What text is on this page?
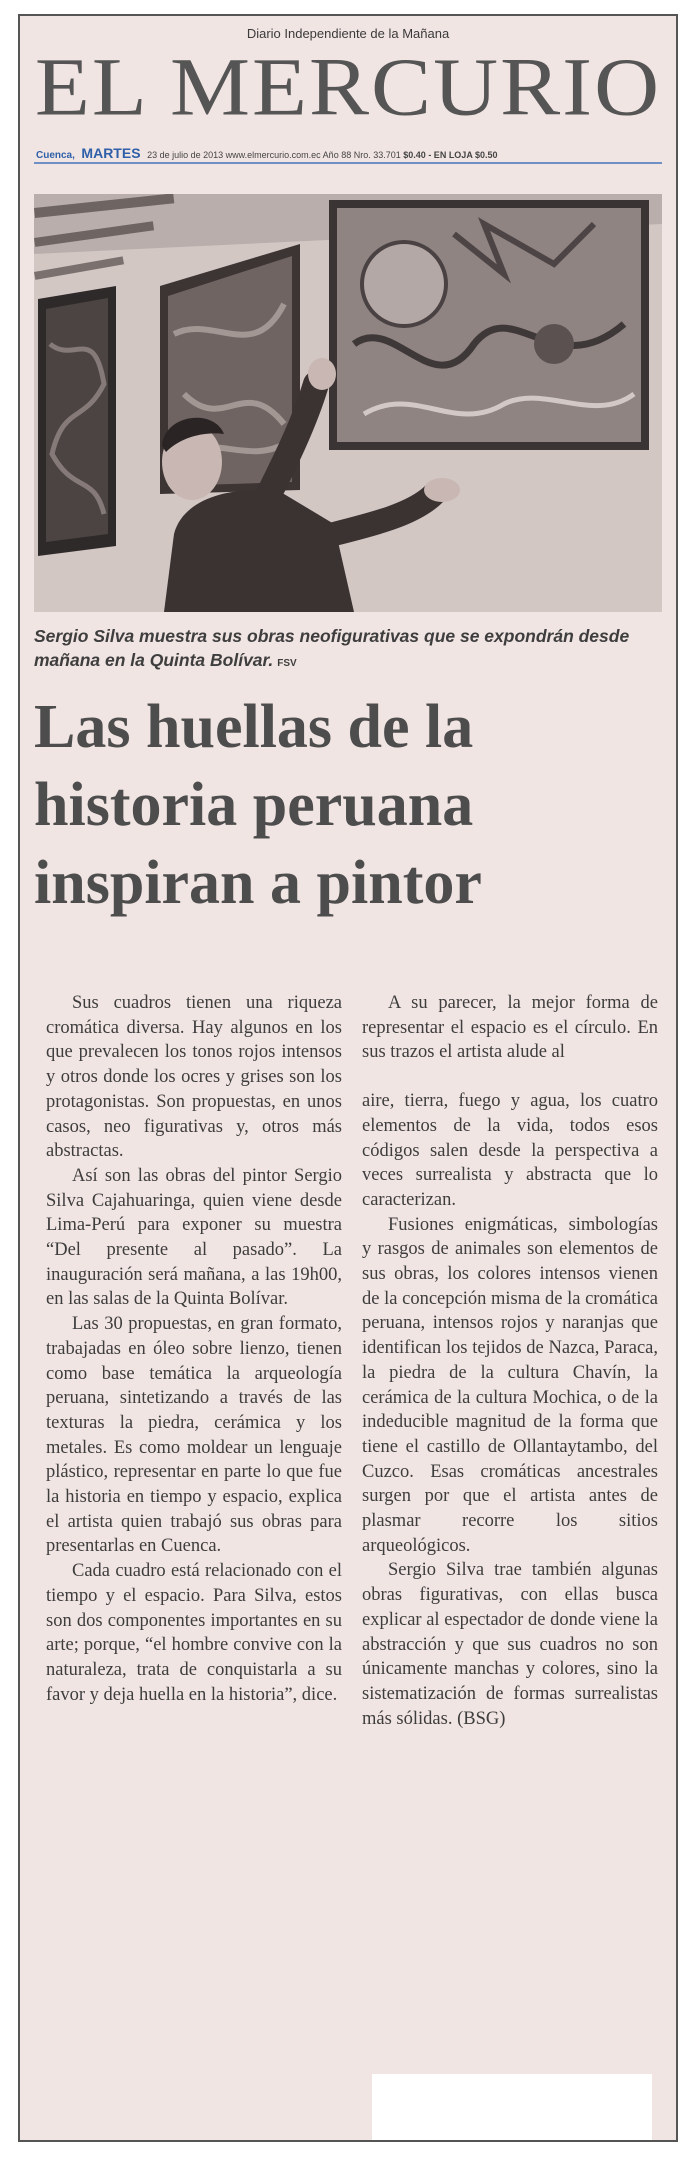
Diario Independiente de la Mañana
EL MERCURIO
Cuenca, MARTES 23 de julio de 2013 www.elmercurio.com.ec Año 88 Nro. 33.701 $0.40 - EN LOJA $0.50
Sergio Silva muestra sus obras neofigurativas que se expondrán desde mañana en la Quinta Bolívar. FSV
Las huellas de la
historia peruana
inspiran a pintor

Sus cuadros tienen una riqueza cromática diversa. Hay algunos en los que prevalecen los tonos rojos intensos y otros donde los ocres y grises son los protagonistas. Son propuestas, en unos casos, neo figurativas y, otros más abstractas.

Así son las obras del pintor Sergio Silva Cajahuaringa, quien viene desde Lima-Perú para exponer su muestra “Del presente al pasado”. La inauguración será mañana, a las 19h00, en las salas de la Quinta Bolívar.

Las 30 propuestas, en gran formato, trabajadas en óleo sobre lienzo, tienen como base temática la arqueología peruana, sintetizando a través de las texturas la piedra, cerámica y los metales. Es como moldear un lenguaje plástico, representar en parte lo que fue la historia en tiempo y espacio, explica el artista quien trabajó sus obras para presentarlas en Cuenca.

Cada cuadro está relacionado con el tiempo y el espacio. Para Silva, estos son dos componentes importantes en su arte; porque, “el hombre convive con la naturaleza, trata de conquistarla a su favor y deja huella en la historia”, dice.

A su parecer, la mejor forma de representar el espacio es el círculo. En sus trazos el artista alude al

aire, tierra, fuego y agua, los cuatro elementos de la vida, todos esos códigos salen desde la perspectiva a veces surrealista y abstracta que lo caracterizan.

Fusiones enigmáticas, simbologías y rasgos de animales son elementos de sus obras, los colores intensos vienen de la concepción misma de la cromática peruana, intensos rojos y naranjas que identifican los tejidos de Nazca, Paraca, la piedra de la cultura Chavín, la cerámica de la cultura Mochica, o de la indeducible magnitud de la forma que tiene el castillo de Ollantaytambo, del Cuzco. Esas cromáticas ancestrales surgen por que el artista antes de plasmar recorre los sitios arqueológicos.

Sergio Silva trae también algunas obras figurativas, con ellas busca explicar al espectador de donde viene la abstracción y que sus cuadros no son únicamente manchas y colores, sino la sistematización de formas surrealistas más sólidas. (BSG)
